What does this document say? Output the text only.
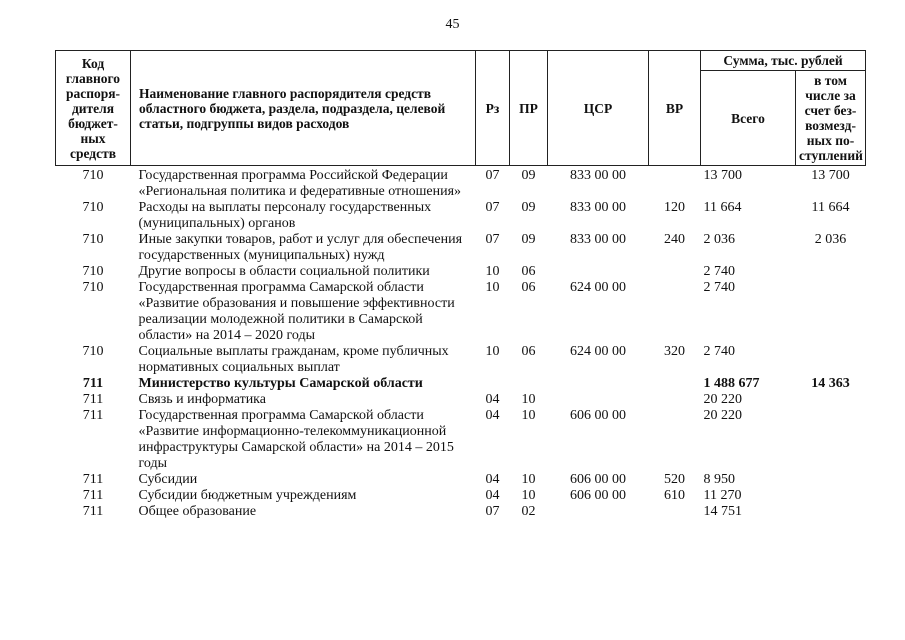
45
Код главного распоря-дителя бюджет-ных средств	Наименование главного распорядителя средств областного бюджета, раздела, подраздела, целевой статьи, подгруппы видов расходов	Рз	ПР	ЦСР	ВР	Сумма, тыс. рублей	
						Всего	в том числе за счет без-возмезд-ных по-ступлений
710	Государственная программа Российской Федерации «Региональная политика и федеративные отношения»	07	09	833 00 00		13 700	13 700
710	Расходы на выплаты персоналу государственных (муниципальных) органов	07	09	833 00 00	120	11 664	11 664
710	Иные закупки товаров, работ и услуг для обеспечения государственных (муниципальных) нужд	07	09	833 00 00	240	2 036	2 036
710	Другие вопросы в области социальной политики	10	06			2 740	
710	Государственная программа Самарской области «Развитие образования и повышение эффективности реализации молодежной политики в Самарской области» на 2014 – 2020 годы	10	06	624 00 00		2 740	
710	Социальные выплаты гражданам, кроме публичных нормативных социальных выплат	10	06	624 00 00	320	2 740	
711	Министерство культуры Самарской области					1 488 677	14 363
711	Связь и информатика	04	10			20 220	
711	Государственная программа Самарской области «Развитие информационно-телекоммуникационной инфраструктуры Самарской области» на 2014 – 2015 годы	04	10	606 00 00		20 220	
711	Субсидии	04	10	606 00 00	520	8 950	
711	Субсидии бюджетным учреждениям	04	10	606 00 00	610	11 270	
711	Общее образование	07	02			14 751	
